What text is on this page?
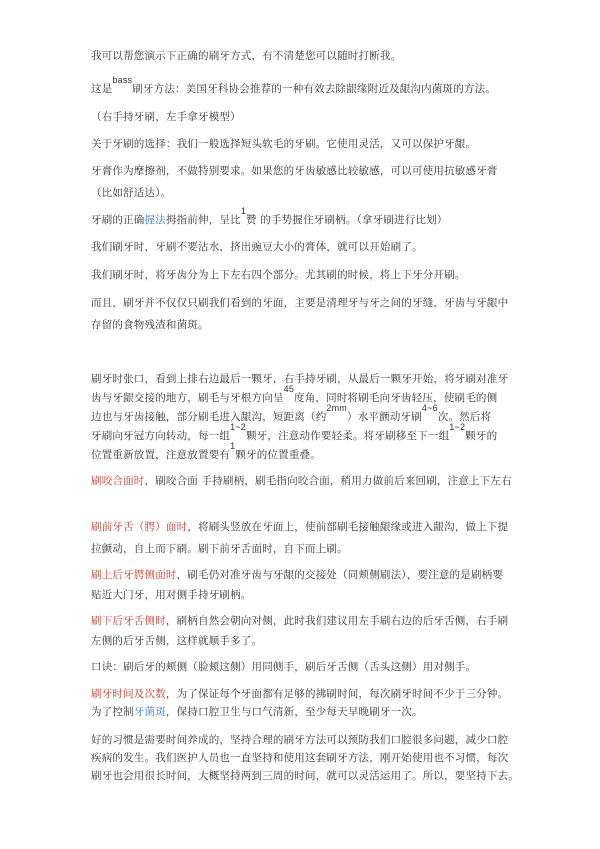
我可以帮您演示下正确的刷牙方式，有不清楚您可以随时打断我。
这是bass刷牙方法：美国牙科协会推荐的一种有效去除龈缘附近及龈沟内菌斑的方法。
（右手持牙刷，左手拿牙模型）
关于牙刷的选择：我们一般选择短头软毛的牙刷。它使用灵活，又可以保护牙龈。
牙膏作为摩擦剂，不做特别要求。如果您的牙齿敏感比较敏感，可以可使用抗敏感牙膏
（比如舒适达）。
牙刷的正确握法拇指前伸，呈比1赞 的手势握住牙刷柄。（拿牙刷进行比划）
我们刷牙时，牙刷不要沾水，挤出豌豆大小的膏体，就可以开始刷了。
我们刷牙时，将牙齿分为上下左右四个部分。尤其刷的时候，将上下牙分开刷。
而且，刷牙并不仅仅只刷我们看到的牙面，主要是清理牙与牙之间的牙缝，牙齿与牙龈中
存留的食物残渣和菌斑。
刷牙时张口，看到上排右边最后一颗牙，右手持牙刷，从最后一颗牙开始，将牙刷对准牙
齿与牙龈交接的地方，刷毛与牙根方向呈45度角，同时将刷毛向牙齿轻压，使刷毛的侧
边也与牙齿接触，部分刷毛进入龈沟，短距离（约2mm）水平颤动牙刷4~6次。然后将
牙刷向牙冠方向转动，每一组1~2颗牙，注意动作要轻柔。将牙刷移至下一组1~2颗牙的
位置重新放置，注意放置要有1颗牙的位置重叠。
刷咬合面时，刷咬合面 手持刷柄，刷毛指向咬合面，稍用力做前后来回刷，注意上下左右
刷前牙舌（腭）面时，将刷头竖放在牙面上，使前部刷毛接触龈缘或进入龈沟，做上下提
拉颤动，自上而下刷。刷下前牙舌面时，自下而上刷。
刷上后牙腭侧面时，刷毛仍对准牙齿与牙龈的交接处（同颊侧刷法），要注意的是刷柄要
贴近大门牙，用对侧手持牙刷柄。
刷下后牙舌侧时，刷柄自然会朝向对侧，此时我们建议用左手刷右边的后牙舌侧，右手刷
左侧的后牙舌侧，这样就顺手多了。
口诀：刷后牙的颊侧（脸颊这侧）用同侧手，刷后牙舌侧（舌头这侧）用对侧手。
刷牙时间及次数，为了保证每个牙面都有足够的拂刷时间，每次刷牙时间不少于三分钟。
为了控制牙菌斑，保持口腔卫生与口气清新，至少每天早晚刷牙一次。
好的习惯是需要时间养成的，坚持合理的刷牙方法可以预防我们口腔很多问题，减少口腔
疾病的发生。我们医护人员也一直坚持和使用这套刷牙方法，刚开始使用也不习惯，每次
刷牙也会用很长时间，大概坚持两到三周的时间，就可以灵活运用了。所以，要坚持下去。
